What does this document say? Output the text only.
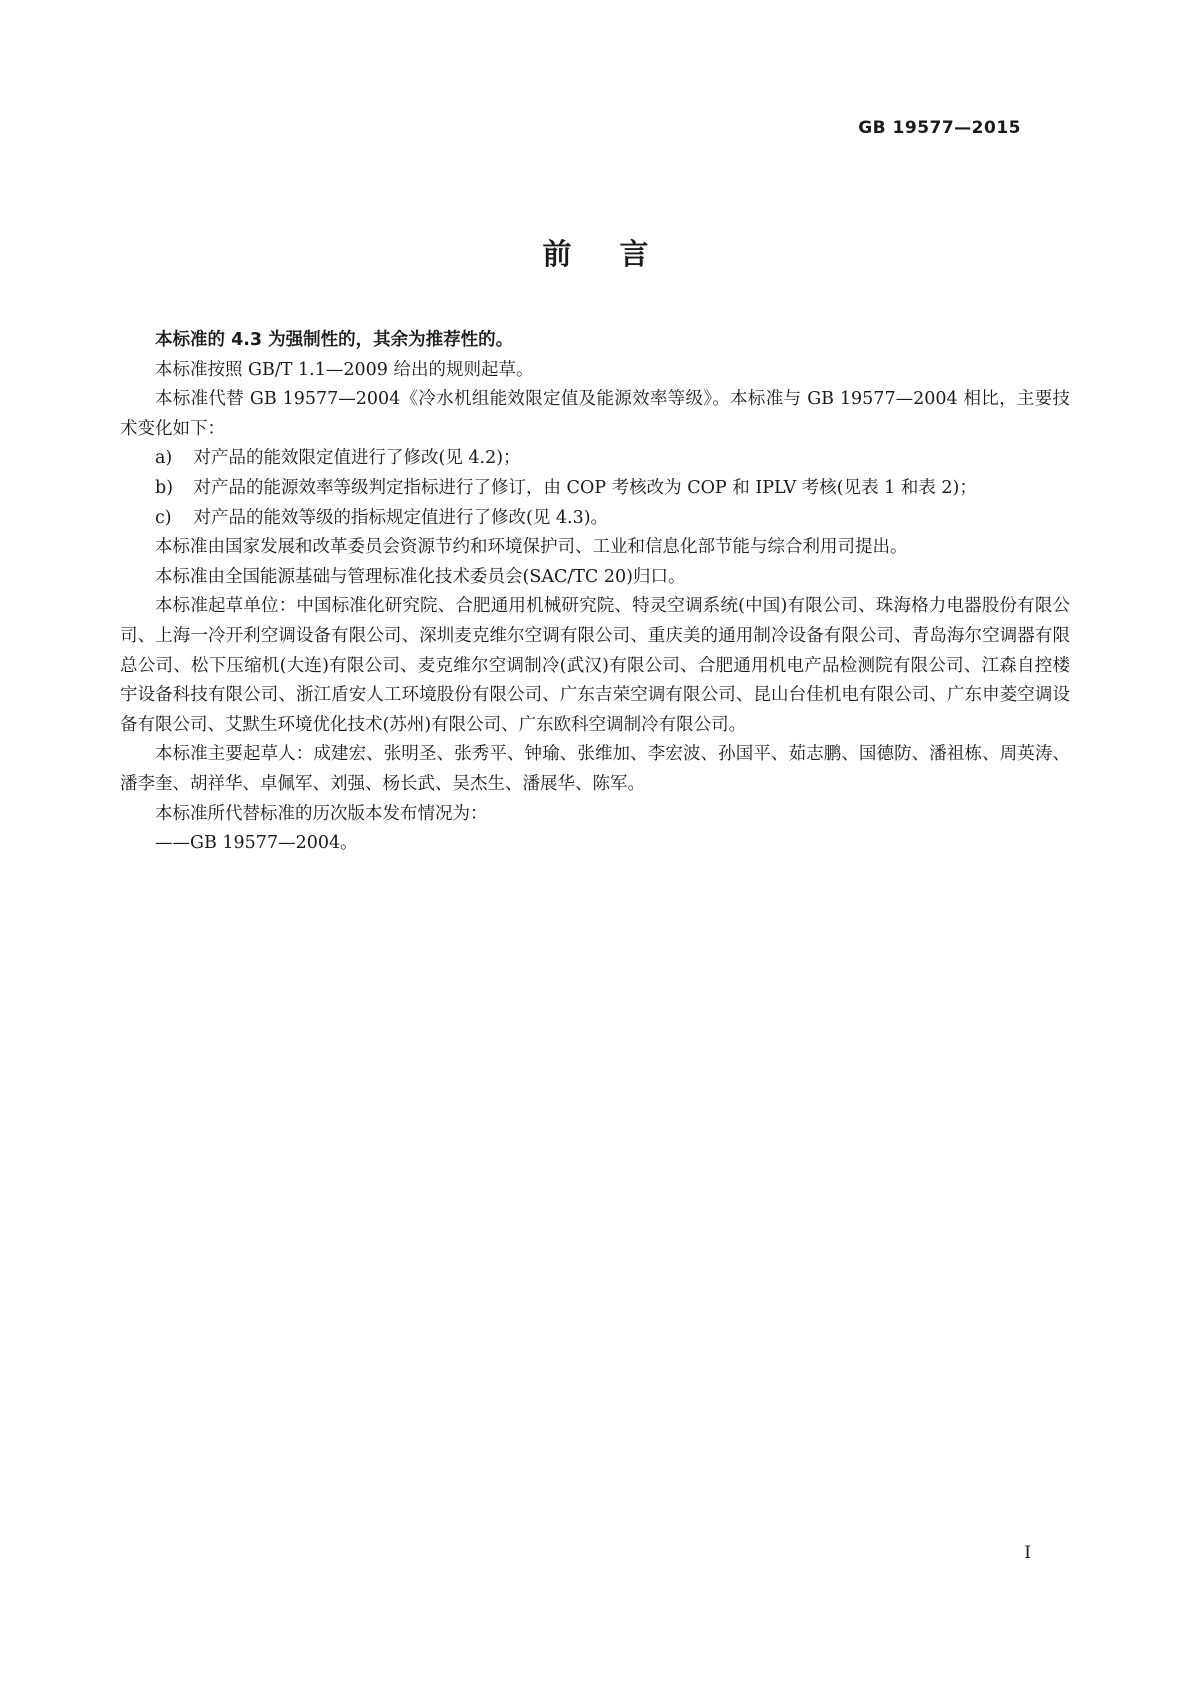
GB 19577—2015
前言

本标准的 4.3 为强制性的，其余为推荐性的。

本标准按照 GB/T 1.1—2009 给出的规则起草。

本标准代替 GB 19577—2004《冷水机组能效限定值及能源效率等级》。本标准与 GB 19577—2004 相比，主要技术变化如下：

a)	对产品的能效限定值进行了修改(见 4.2)；
b)	对产品的能源效率等级判定指标进行了修订，由 COP 考核改为 COP 和 IPLV 考核(见表 1 和表 2)；
c)	对产品的能效等级的指标规定值进行了修改(见 4.3)。

本标准由国家发展和改革委员会资源节约和环境保护司、工业和信息化部节能与综合利用司提出。

本标准由全国能源基础与管理标准化技术委员会(SAC/TC 20)归口。

本标准起草单位：中国标准化研究院、合肥通用机械研究院、特灵空调系统(中国)有限公司、珠海格力电器股份有限公司、上海一冷开利空调设备有限公司、深圳麦克维尔空调有限公司、重庆美的通用制冷设备有限公司、青岛海尔空调器有限总公司、松下压缩机(大连)有限公司、麦克维尔空调制冷(武汉)有限公司、合肥通用机电产品检测院有限公司、江森自控楼宇设备科技有限公司、浙江盾安人工环境股份有限公司、广东吉荣空调有限公司、昆山台佳机电有限公司、广东申菱空调设备有限公司、艾默生环境优化技术(苏州)有限公司、广东欧科空调制冷有限公司。

本标准主要起草人：成建宏、张明圣、张秀平、钟瑜、张维加、李宏波、孙国平、茹志鹏、国德防、潘祖栋、周英涛、潘李奎、胡祥华、卓佩军、刘强、杨长武、吴杰生、潘展华、陈军。

本标准所代替标准的历次版本发布情况为：

——GB 19577—2004。

I
